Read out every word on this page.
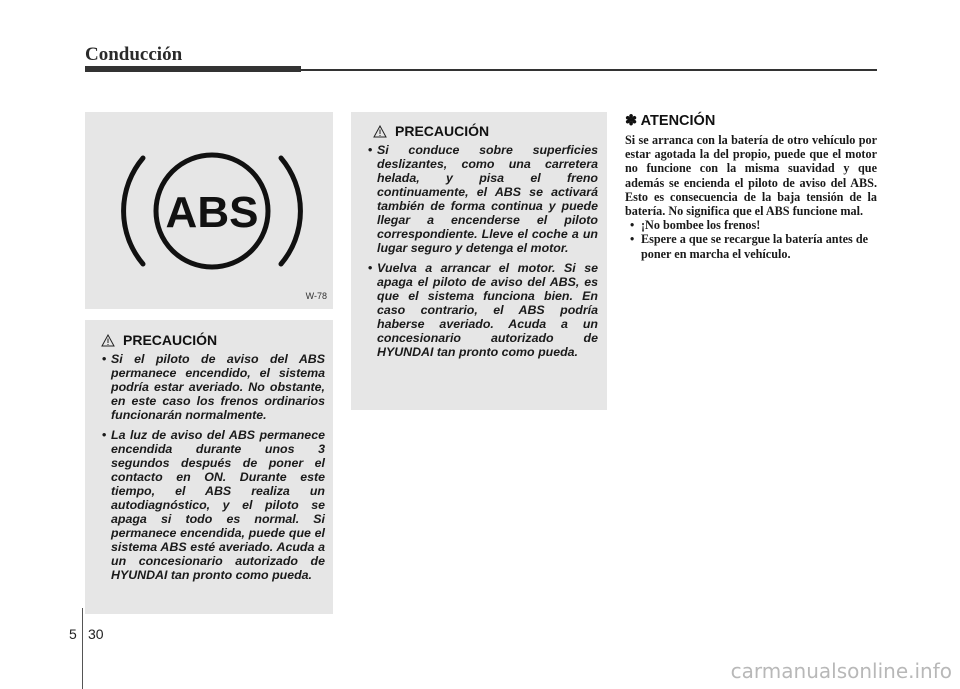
Conducción
ABS
W-78
PRECAUCIÓN
• Si el piloto de aviso del ABS permanece encendido, el sistema podría estar averiado. No obstante, en este caso los frenos ordinarios funcionarán normalmente.
• La luz de aviso del ABS permanece encendida durante unos 3 segundos después de poner el contacto en ON. Durante este tiempo, el ABS realiza un autodiagnóstico, y el piloto se apaga si todo es normal. Si permanece encendida, puede que el sistema ABS esté averiado. Acuda a un concesionario autorizado de HYUNDAI tan pronto como pueda.
PRECAUCIÓN
• Si conduce sobre superficies deslizantes, como una carretera helada, y pisa el freno continuamente, el ABS se activará también de forma continua y puede llegar a encenderse el piloto correspondiente. Lleve el coche a un lugar seguro y detenga el motor.
• Vuelva a arrancar el motor. Si se apaga el piloto de aviso del ABS, es que el sistema funciona bien. En caso contrario, el ABS podría haberse averiado. Acuda a un concesionario autorizado de HYUNDAI tan pronto como pueda.
✽ ATENCIÓN

Si se arranca con la batería de otro vehículo por estar agotada la del propio, puede que el motor no funcione con la misma suavidad y que además se encienda el piloto de aviso del ABS. Esto es consecuencia de la baja tensión de la batería. No significa que el ABS funcione mal.

• ¡No bombee los frenos!
• Espere a que se recargue la batería antes de poner en marcha el vehículo.
5 30
carmanualsonline.info
